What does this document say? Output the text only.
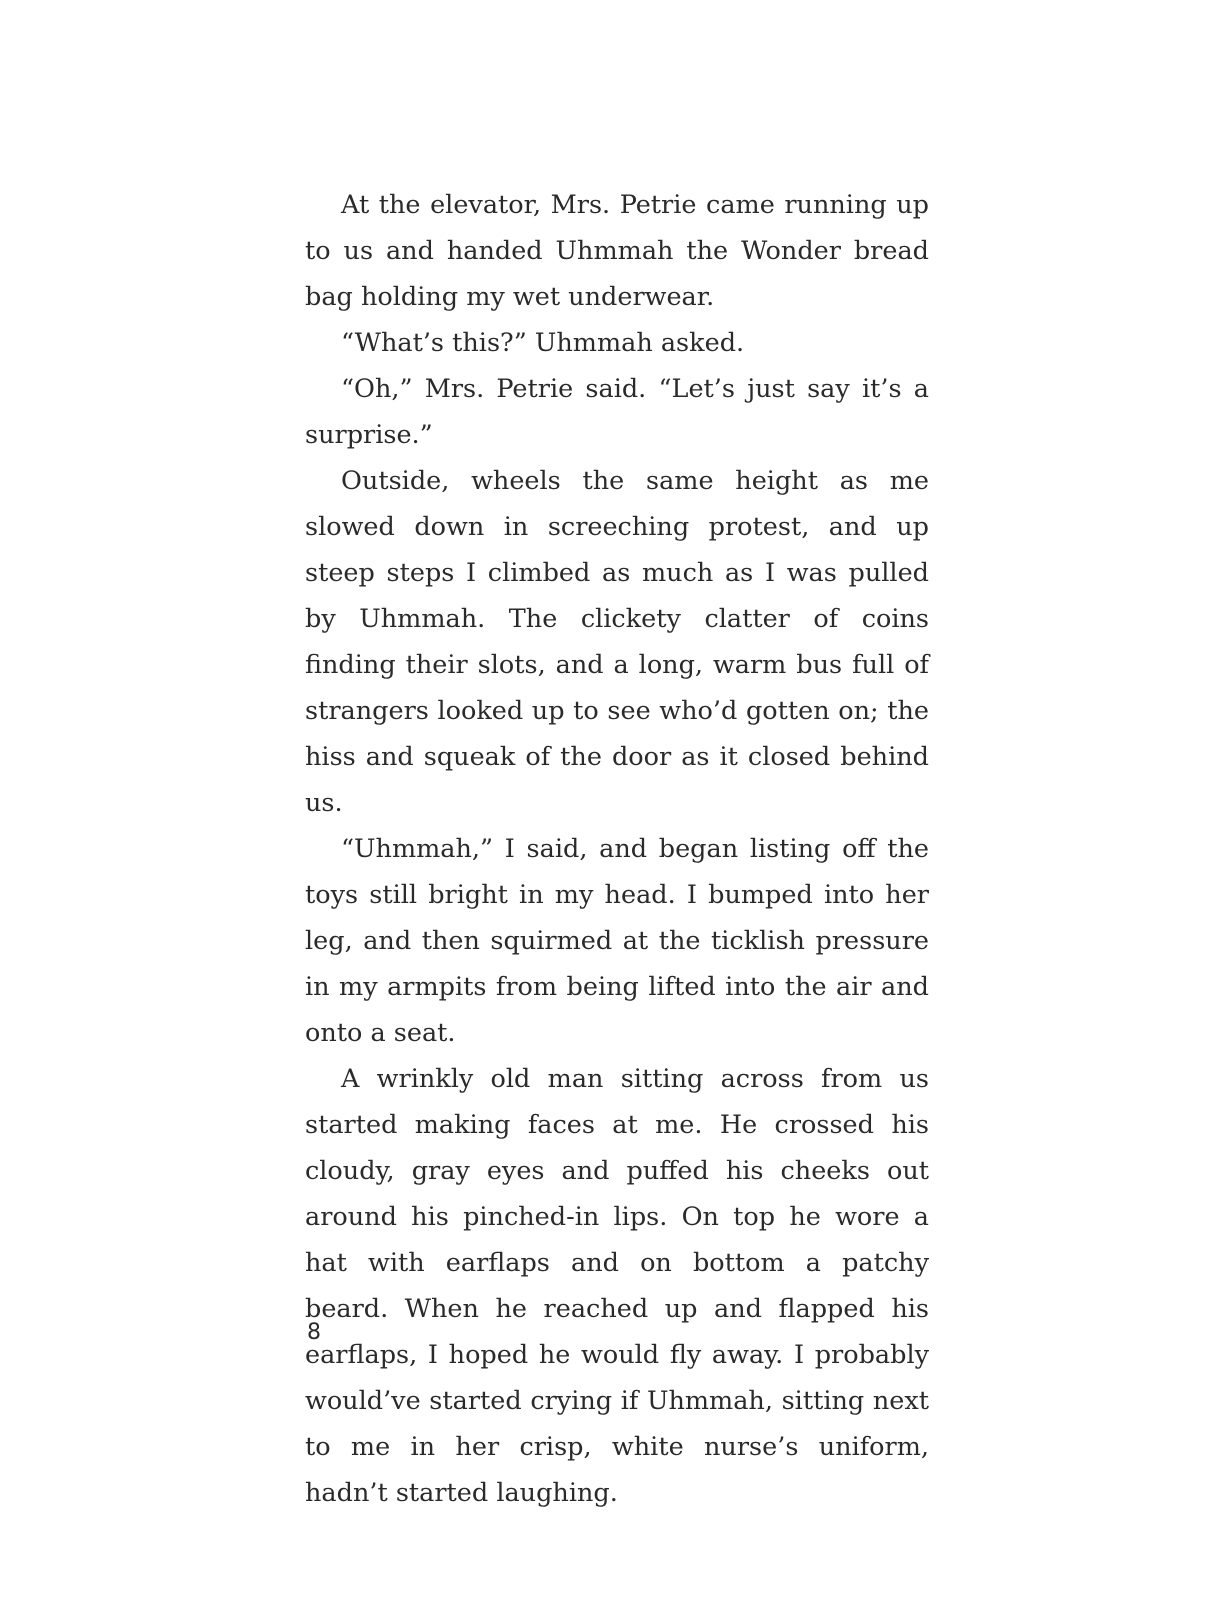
At the elevator, Mrs. Petrie came running up to us and handed Uhmmah the Wonder bread bag holding my wet underwear.

“What’s this?” Uhmmah asked.

“Oh,” Mrs. Petrie said. “Let’s just say it’s a surprise.”

Outside, wheels the same height as me slowed down in screeching protest, and up steep steps I climbed as much as I was pulled by Uhmmah. The clickety clatter of coins finding their slots, and a long, warm bus full of strangers looked up to see who’d gotten on; the hiss and squeak of the door as it closed behind us.

“Uhmmah,” I said, and began listing off the toys still bright in my head. I bumped into her leg, and then squirmed at the ticklish pressure in my armpits from being lifted into the air and onto a seat.

A wrinkly old man sitting across from us started making faces at me. He crossed his cloudy, gray eyes and puffed his cheeks out around his pinched-in lips. On top he wore a hat with earflaps and on bottom a patchy beard. When he reached up and flapped his earflaps, I hoped he would fly away. I probably would’ve started crying if Uhmmah, sitting next to me in her crisp, white nurse’s uniform, hadn’t started laughing.

8
